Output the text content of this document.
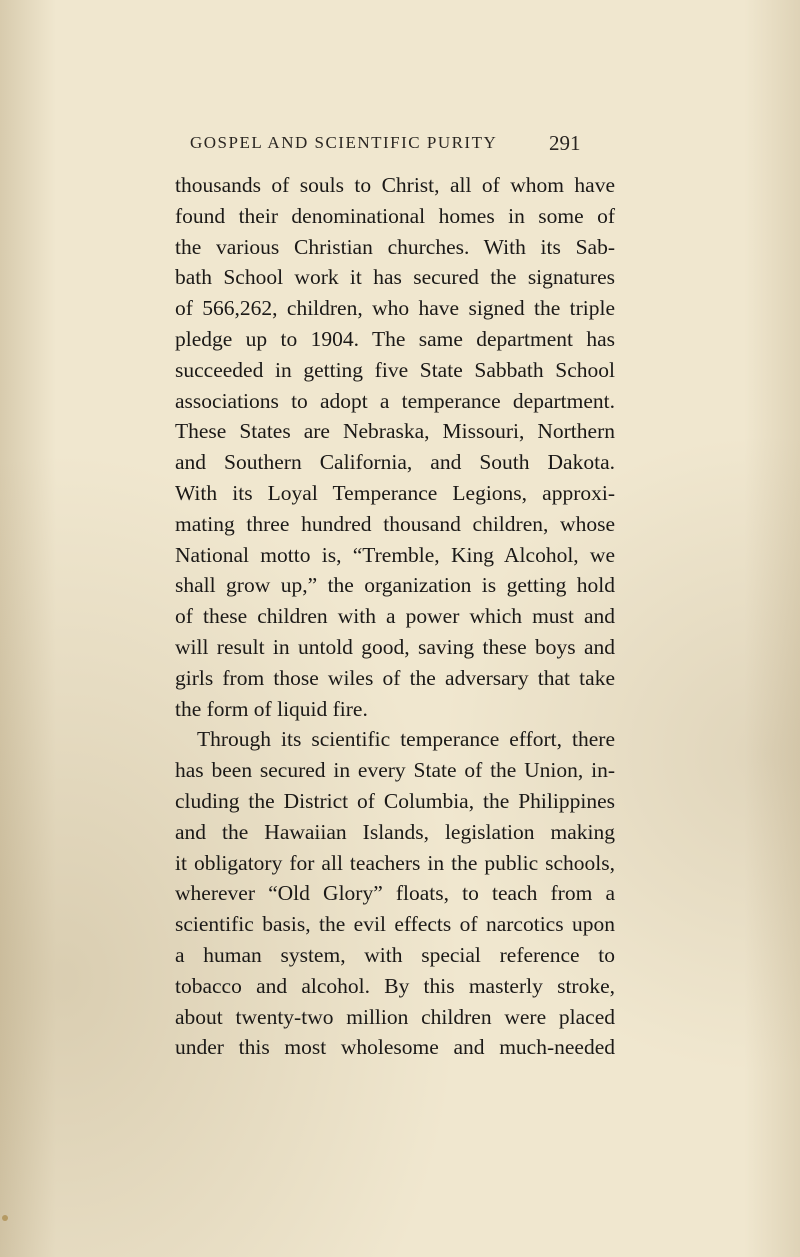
GOSPEL AND SCIENTIFIC PURITY 291
thousands of souls to Christ, all of whom have
found their denominational homes in some of
the various Christian churches. With its Sab-
bath School work it has secured the signatures
of 566,262, children, who have signed the triple
pledge up to 1904. The same department has
succeeded in getting five State Sabbath School
associations to adopt a temperance department.
These States are Nebraska, Missouri, Northern
and Southern California, and South Dakota.
With its Loyal Temperance Legions, approxi-
mating three hundred thousand children, whose
National motto is, “Tremble, King Alcohol, we
shall grow up,” the organization is getting hold
of these children with a power which must and
will result in untold good, saving these boys and
girls from those wiles of the adversary that take
the form of liquid fire.
Through its scientific temperance effort, there
has been secured in every State of the Union, in-
cluding the District of Columbia, the Philippines
and the Hawaiian Islands, legislation making
it obligatory for all teachers in the public schools,
wherever “Old Glory” floats, to teach from a
scientific basis, the evil effects of narcotics upon
a human system, with special reference to
tobacco and alcohol. By this masterly stroke,
about twenty-two million children were placed
under this most wholesome and much-needed
